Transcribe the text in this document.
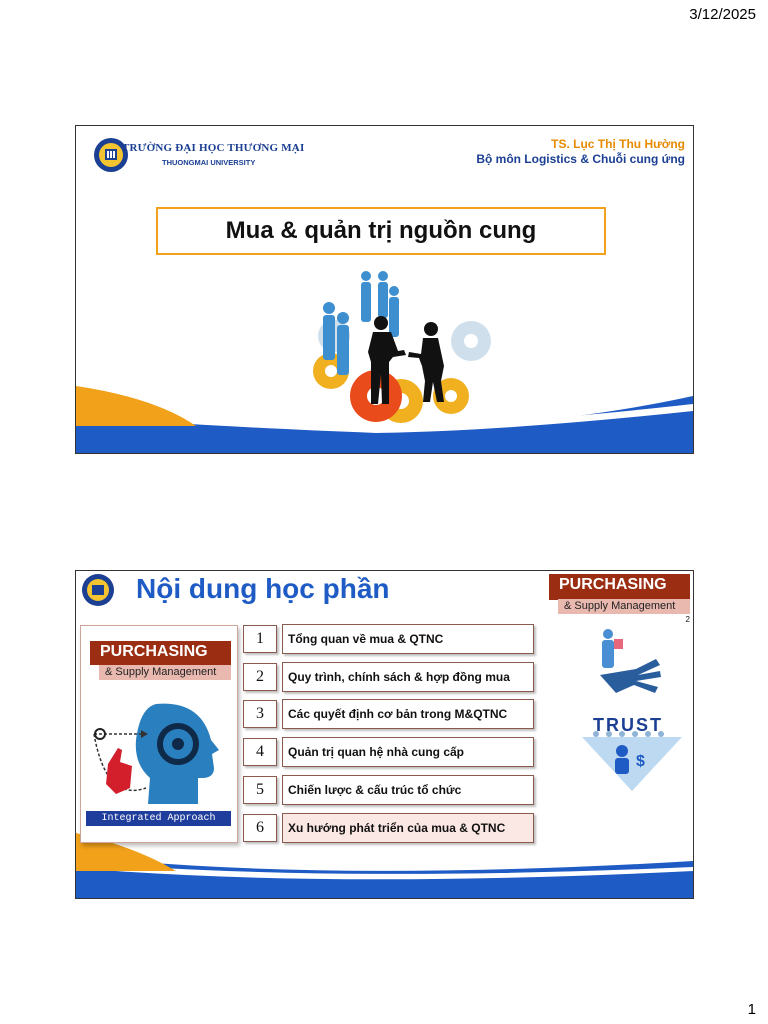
3/12/2025
TRƯỜNG ĐẠI HỌC THƯƠNG MẠI
THUONGMAI UNIVERSITY
TS. Lục Thị Thu Hường
Bộ môn Logistics & Chuỗi cung ứng
Mua & quản trị nguồn cung
$
Nội dung học phần	PURCHASING
& Supply Management
2
TRUST
PURCHASING
& Supply Management
Integrated Approach
1	Tổng quan về mua & QTNC
2	Quy trình, chính sách & hợp đồng mua
3	Các quyết định cơ bản trong M&QTNC
4	Quản trị quan hệ nhà cung cấp
5	Chiến lược & cấu trúc tổ chức
6	Xu hướng phát triển của mua & QTNC
1
